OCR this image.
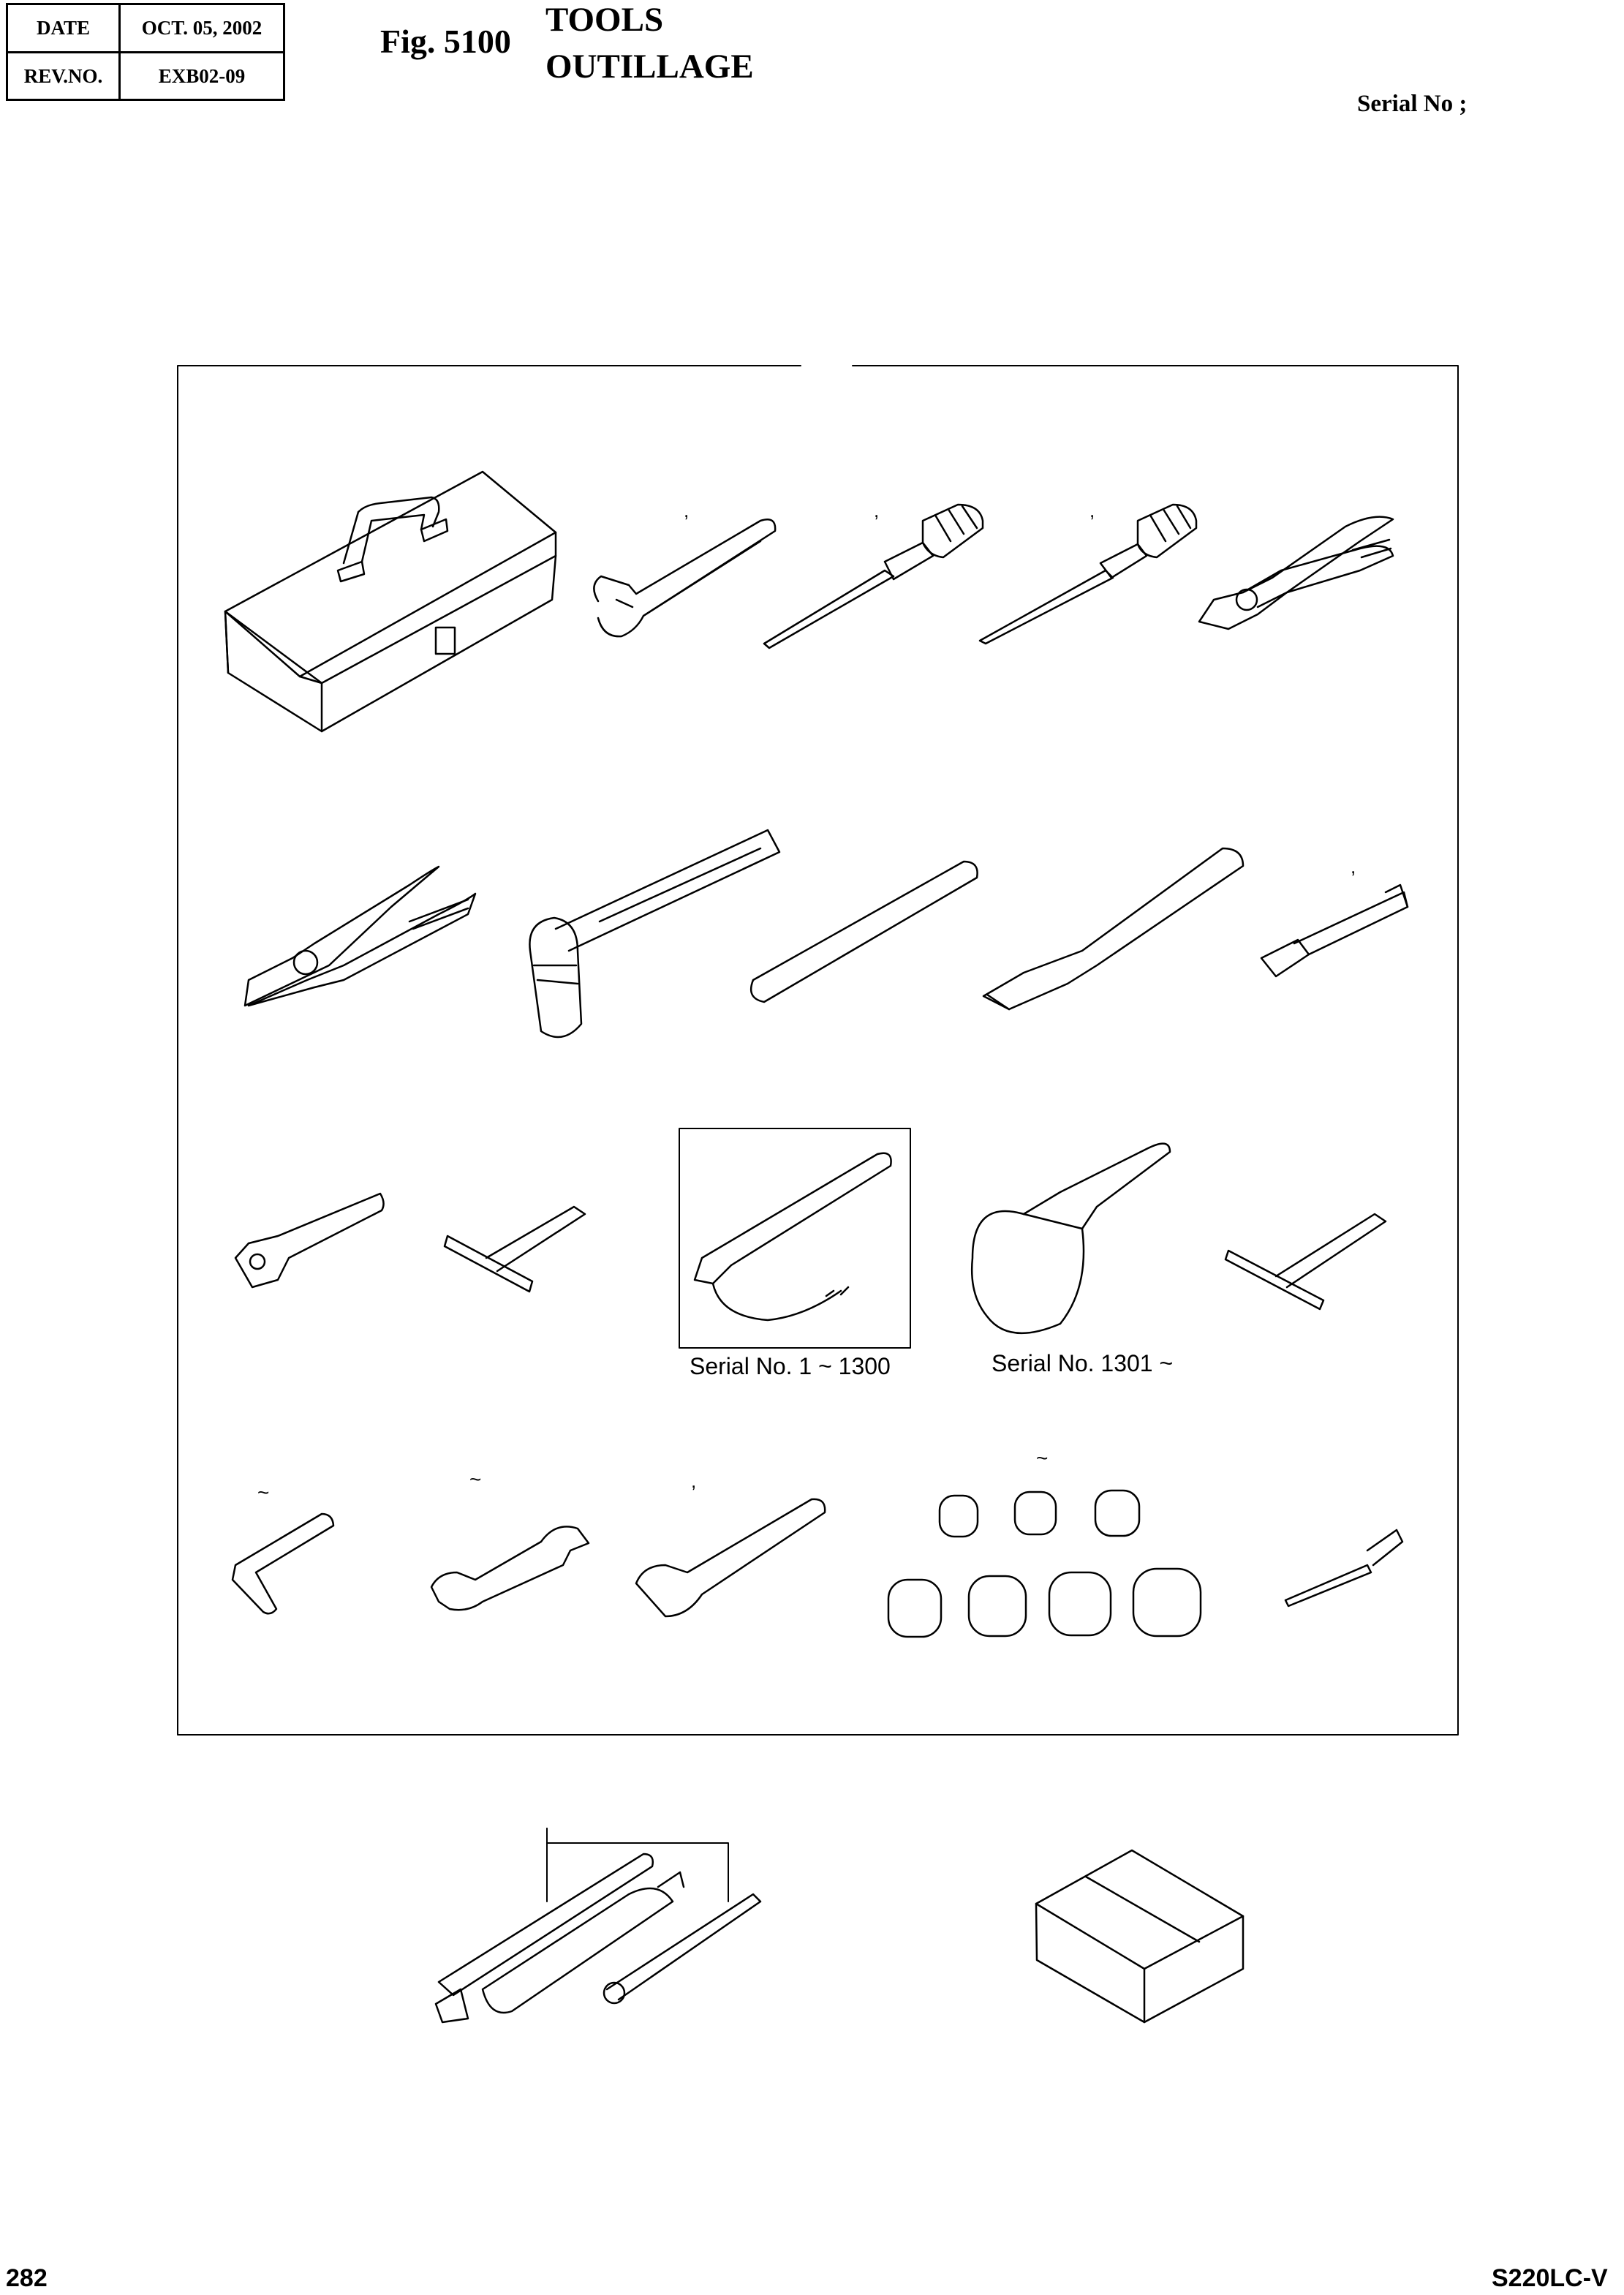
DATE	OCT. 05, 2002
REV.NO.	EXB02-09
Fig. 5100
TOOLS
OUTILLAGE
Serial No ;
,	,	,
,
~
~	,
~
Serial No. 1 ~ 1300	Serial No. 1301 ~
282	S220LC-V
